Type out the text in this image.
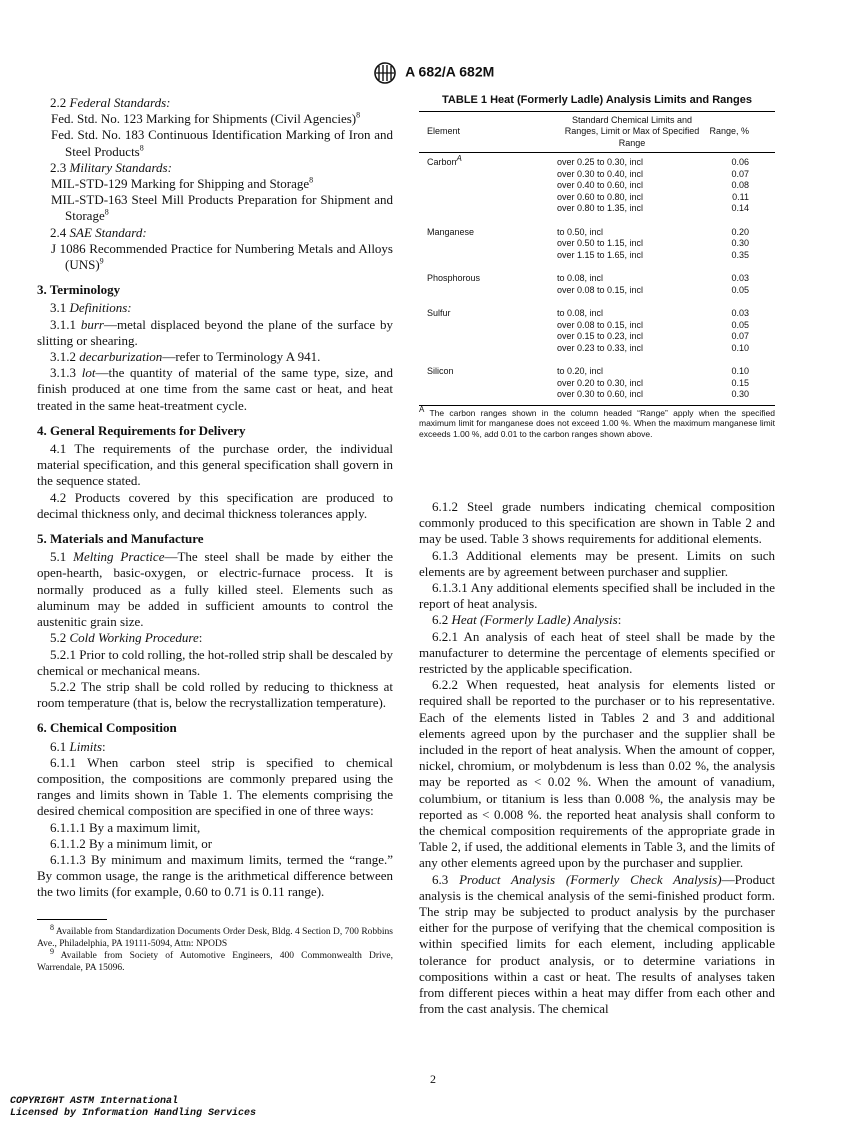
A 682/A 682M

2.2 Federal Standards:

Fed. Std. No. 123 Marking for Shipments (Civil Agencies)$^8$

Fed. Std. No. 183 Continuous Identification Marking of Iron and Steel Products$^8$

2.3 Military Standards:

MIL-STD-129 Marking for Shipping and Storage$^8$

MIL-STD-163 Steel Mill Products Preparation for Shipment and Storage$^8$

2.4 SAE Standard:

J 1086 Recommended Practice for Numbering Metals and Alloys (UNS)$^9$

3. Terminology

3.1 Definitions:

3.1.1 burr—metal displaced beyond the plane of the surface by slitting or shearing.

3.1.2 decarburization—refer to Terminology A 941.

3.1.3 lot—the quantity of material of the same type, size, and finish produced at one time from the same cast or heat, and heat treated in the same heat-treatment cycle.

4. General Requirements for Delivery

4.1 The requirements of the purchase order, the individual material specification, and this general specification shall govern in the sequence stated.

4.2 Products covered by this specification are produced to decimal thickness only, and decimal thickness tolerances apply.

5. Materials and Manufacture

5.1 Melting Practice—The steel shall be made by either the open-hearth, basic-oxygen, or electric-furnace process. It is normally produced as a fully killed steel. Elements such as aluminum may be added in sufficient amounts to control the austenitic grain size.

5.2 Cold Working Procedure:

5.2.1 Prior to cold rolling, the hot-rolled strip shall be descaled by chemical or mechanical means.

5.2.2 The strip shall be cold rolled by reducing to thickness at room temperature (that is, below the recrystallization temperature).

6. Chemical Composition

6.1 Limits:

6.1.1 When carbon steel strip is specified to chemical composition, the compositions are commonly prepared using the ranges and limits shown in Table 1. The elements comprising the desired chemical composition are specified in one of three ways:

6.1.1.1 By a maximum limit,

6.1.1.2 By a minimum limit, or

6.1.1.3 By minimum and maximum limits, termed the “range.” By common usage, the range is the arithmetical difference between the two limits (for example, 0.60 to 0.71 is 0.11 range).

$^8$ Available from Standardization Documents Order Desk, Bldg. 4 Section D, 700 Robbins Ave., Philadelphia, PA 19111-5094, Attn: NPODS

$^9$ Available from Society of Automotive Engineers, 400 Commonwealth Drive, Warrendale, PA 15096.

TABLE 1 Heat (Formerly Ladle) Analysis Limits and Ranges
Element	Standard Chemical Limits and Ranges, Limit or Max of Specified Range	Range, %
Carbon$^A$	over 0.25 to 0.30, incl	0.06
	over 0.30 to 0.40, incl	0.07
	over 0.40 to 0.60, incl	0.08
	over 0.60 to 0.80, incl	0.11
	over 0.80 to 1.35, incl	0.14
Manganese	to 0.50, incl	0.20
	over 0.50 to 1.15, incl	0.30
	over 1.15 to 1.65, incl	0.35
Phosphorous	to 0.08, incl	0.03
	over 0.08 to 0.15, incl	0.05
Sulfur	to 0.08, incl	0.03
	over 0.08 to 0.15, incl	0.05
	over 0.15 to 0.23, incl	0.07
	over 0.23 to 0.33, incl	0.10
Silicon	to 0.20, incl	0.10
	over 0.20 to 0.30, incl	0.15
	over 0.30 to 0.60, incl	0.30
$^A$ The carbon ranges shown in the column headed “Range” apply when the specified maximum limit for manganese does not exceed 1.00 %. When the maximum manganese limit exceeds 1.00 %, add 0.01 to the carbon ranges shown above.

6.1.2 Steel grade numbers indicating chemical composition commonly produced to this specification are shown in Table 2 and may be used. Table 3 shows requirements for additional elements.

6.1.3 Additional elements may be present. Limits on such elements are by agreement between purchaser and supplier.

6.1.3.1 Any additional elements specified shall be included in the report of heat analysis.

6.2 Heat (Formerly Ladle) Analysis:

6.2.1 An analysis of each heat of steel shall be made by the manufacturer to determine the percentage of elements specified or restricted by the applicable specification.

6.2.2 When requested, heat analysis for elements listed or required shall be reported to the purchaser or to his representative. Each of the elements listed in Tables 2 and 3 and additional elements agreed upon by the purchaser and the supplier shall be included in the report of heat analysis. When the amount of copper, nickel, chromium, or molybdenum is less than 0.02 %, the analysis may be reported as < 0.02 %. When the amount of vanadium, columbium, or titanium is less than 0.008 %, the analysis may be reported as < 0.008 %. the reported heat analysis shall conform to the chemical composition requirements of the appropriate grade in Table 2, if used, the additional elements in Table 3, and the limits of any other elements agreed upon by the purchaser and supplier.

6.3 Product Analysis (Formerly Check Analysis)—Product analysis is the chemical analysis of the semi-finished product form. The strip may be subjected to product analysis by the purchaser either for the purpose of verifying that the chemical composition is within specified limits for each element, including applicable tolerance for product analysis, or to determine variations in compositions within a cast or heat. The results of analyses taken from different pieces within a heat may differ from each other and from the cast analysis. The chemical

2
COPYRIGHT ASTM International
Licensed by Information Handling Services
